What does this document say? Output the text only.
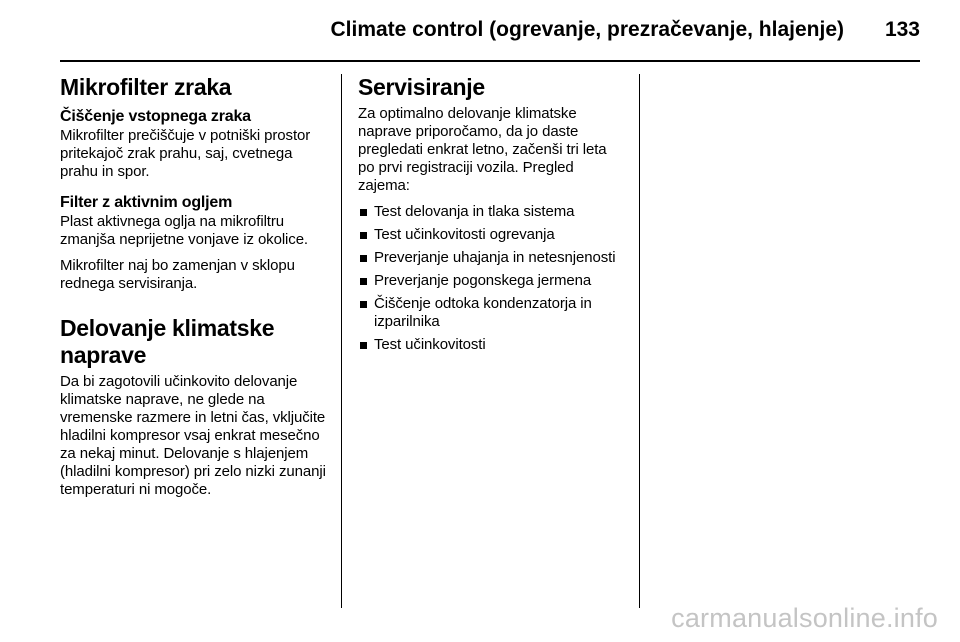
Climate control (ogrevanje, prezračevanje, hlajenje) 133
Mikrofilter zraka
Čiščenje vstopnega zraka

Mikrofilter prečiščuje v potniški prostor pritekajoč zrak prahu, saj, cvetnega prahu in spor.

Filter z aktivnim ogljem

Plast aktivnega oglja na mikrofiltru zmanjša neprijetne vonjave iz okolice.

Mikrofilter naj bo zamenjan v sklopu rednega servisiranja.

Delovanje klimatske naprave

Da bi zagotovili učinkovito delovanje klimatske naprave, ne glede na vremenske razmere in letni čas, vključite hladilni kompresor vsaj enkrat mesečno za nekaj minut. Delovanje s hlajenjem (hladilni kompresor) pri zelo nizki zunanji temperaturi ni mogoče.

Servisiranje

Za optimalno delovanje klimatske naprave priporočamo, da jo daste pregledati enkrat letno, začenši tri leta po prvi registraciji vozila. Pregled zajema:

Test delovanja in tlaka sistema
Test učinkovitosti ogrevanja
Preverjanje uhajanja in netesnjenosti
Preverjanje pogonskega jermena
Čiščenje odtoka kondenzatorja in izparilnika
Test učinkovitosti
carmanualsonline.info
